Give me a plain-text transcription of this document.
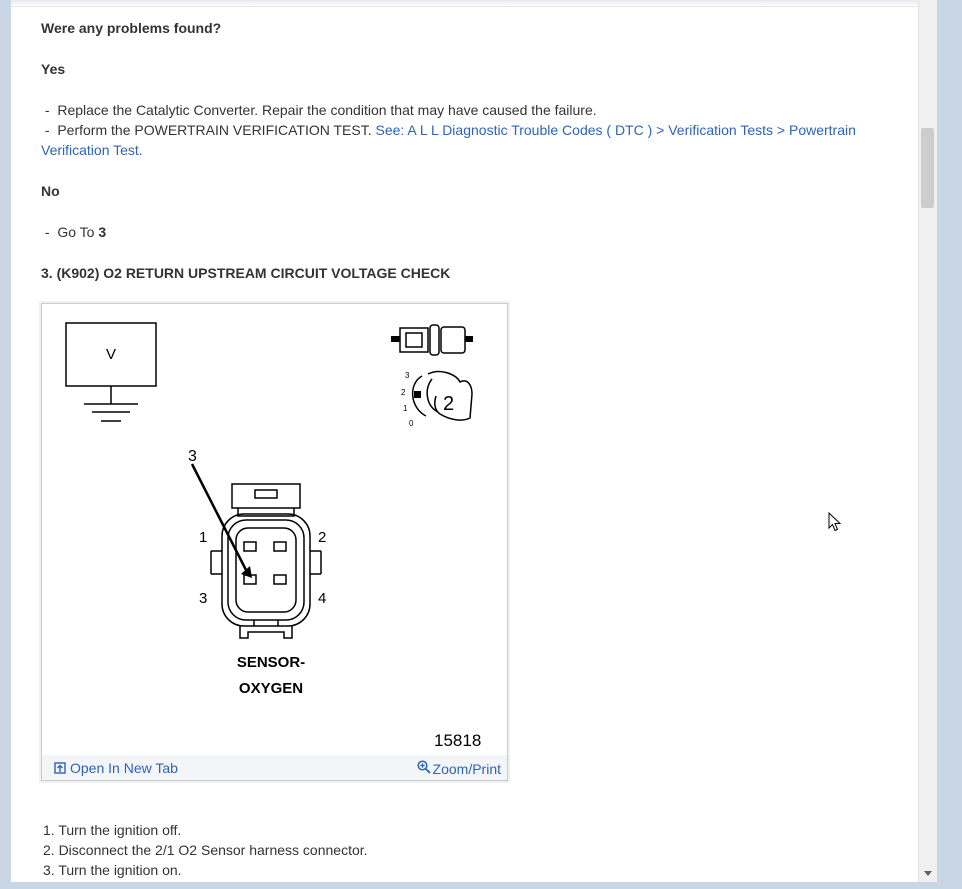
Were any problems found?

Yes

-  Replace the Catalytic Converter. Repair the condition that may have caused the failure.

-  Perform the POWERTRAIN VERIFICATION TEST. See: A L L Diagnostic Trouble Codes ( DTC ) > Verification Tests > Powertrain Verification Test.

No

-  Go To 3

3. (K902) O2 RETURN UPSTREAM CIRCUIT VOLTAGE CHECK

V
3
1	2
3	4
3
2
1
0
2
SENSOR-
OXYGEN
15818
Open In New Tab	Zoom/Print
1. Turn the ignition off.
2. Disconnect the 2/1 O2 Sensor harness connector.
3. Turn the ignition on.
